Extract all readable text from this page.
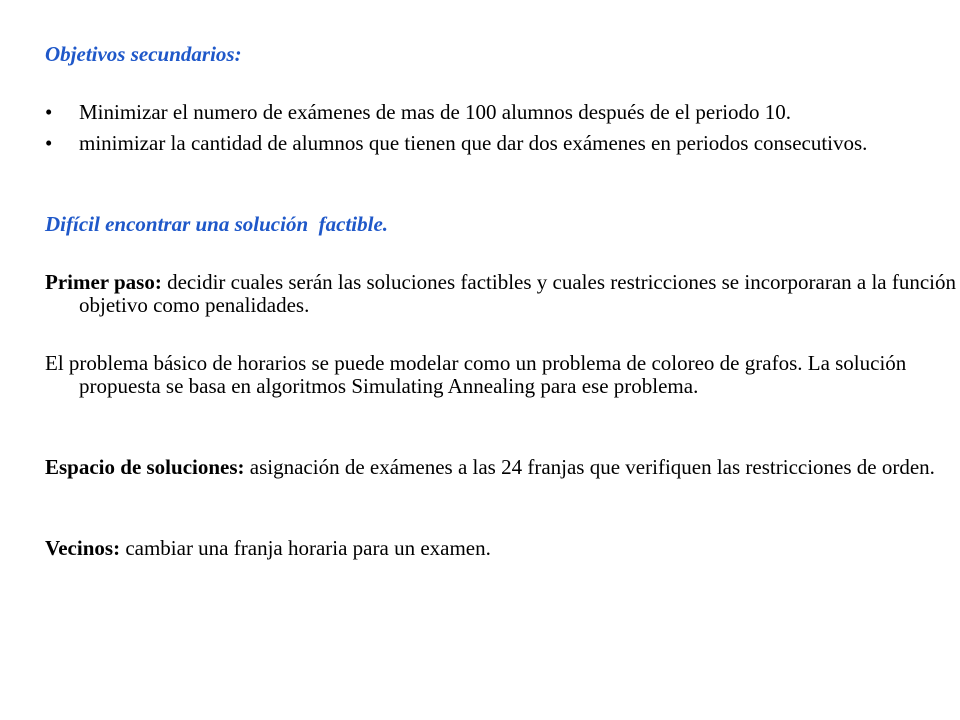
Objetivos secundarios:
• Minimizar el numero de exámenes de mas de 100 alumnos después de el periodo 10.
• minimizar la cantidad de alumnos que tienen que dar dos exámenes en periodos consecutivos.
Difícil encontrar una solución  factible.
Primer paso: decidir cuales serán las soluciones factibles y cuales restricciones se incorporaran a la función objetivo como penalidades.
El problema básico de horarios se puede modelar como un problema de coloreo de grafos. La solución propuesta se basa en algoritmos Simulating Annealing para ese problema.
Espacio de soluciones: asignación de exámenes a las 24 franjas que verifiquen las restricciones de orden.
Vecinos: cambiar una franja horaria para un examen.
